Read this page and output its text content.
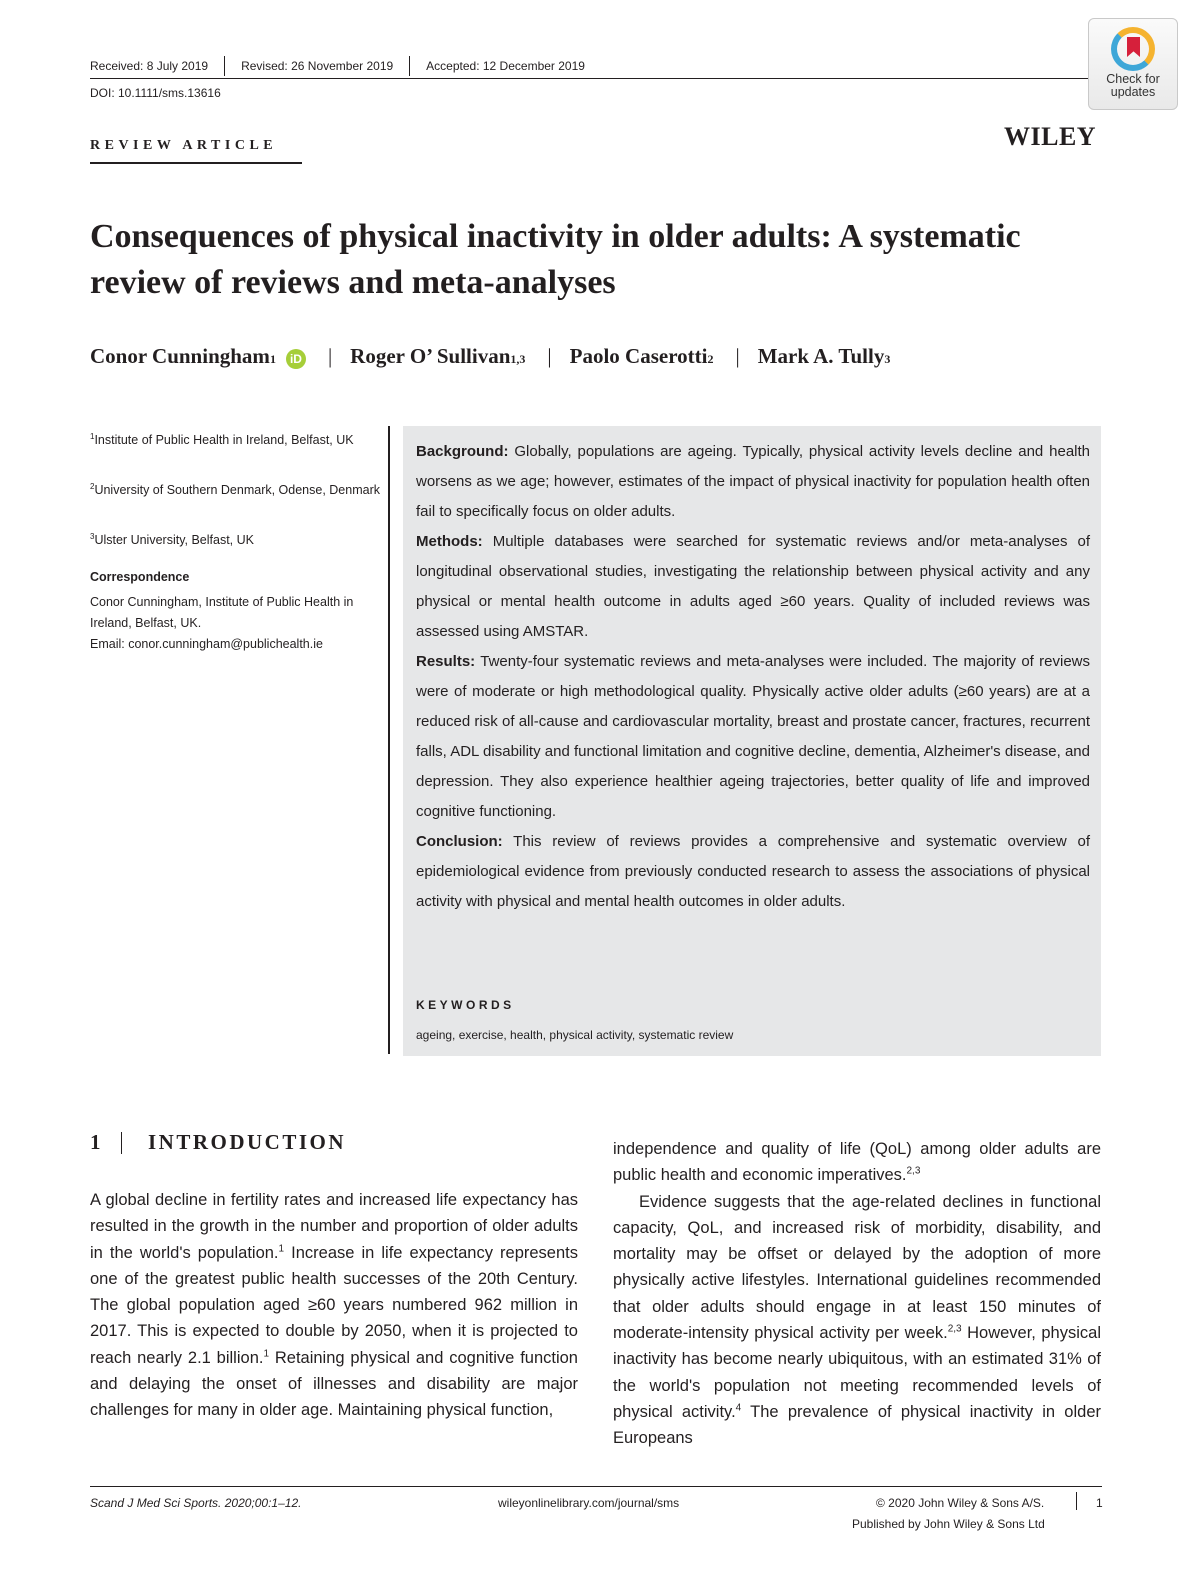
Received: 8 July 2019	Revised: 26 November 2019	Accepted: 12 December 2019
DOI: 10.1111/sms.13616
Check for
updates
REVIEW ARTICLE	WILEY
Consequences of physical inactivity in older adults: A systematic review of reviews and meta-analyses
Conor Cunningham 1	iD | Roger O’ Sullivan 1,3 | Paolo Caserotti 2 | Mark A. Tully 3
$^1$Institute of Public Health in Ireland, Belfast, UK
$^2$University of Southern Denmark, Odense, Denmark
$^3$Ulster University, Belfast, UK
Correspondence
Conor Cunningham, Institute of Public Health in Ireland, Belfast, UK.
Email: conor.cunningham@publichealth.ie

Background: Globally, populations are ageing. Typically, physical activity levels decline and health worsens as we age; however, estimates of the impact of physical inactivity for population health often fail to specifically focus on older adults.

Methods: Multiple databases were searched for systematic reviews and/or meta-analyses of longitudinal observational studies, investigating the relationship between physical activity and any physical or mental health outcome in adults aged ≥60 years. Quality of included reviews was assessed using AMSTAR.

Results: Twenty-four systematic reviews and meta-analyses were included. The majority of reviews were of moderate or high methodological quality. Physically active older adults (≥60 years) are at a reduced risk of all-cause and cardiovascular mortality, breast and prostate cancer, fractures, recurrent falls, ADL disability and functional limitation and cognitive decline, dementia, Alzheimer's disease, and depression. They also experience healthier ageing trajectories, better quality of life and improved cognitive functioning.

Conclusion: This review of reviews provides a comprehensive and systematic overview of epidemiological evidence from previously conducted research to assess the associations of physical activity with physical and mental health outcomes in older adults.

KEYWORDS
ageing, exercise, health, physical activity, systematic review
1 INTRODUCTION

A global decline in fertility rates and increased life expectancy has resulted in the growth in the number and proportion of older adults in the world's population.$^1$ Increase in life expectancy represents one of the greatest public health successes of the 20th Century. The global population aged ≥60 years numbered 962 million in 2017. This is expected to double by 2050, when it is projected to reach nearly 2.1 billion.$^1$ Retaining physical and cognitive function and delaying the onset of illnesses and disability are major challenges for many in older age. Maintaining physical function,

independence and quality of life (QoL) among older adults are public health and economic imperatives.$^{2,3}$

Evidence suggests that the age-related declines in functional capacity, QoL, and increased risk of morbidity, disability, and mortality may be offset or delayed by the adoption of more physically active lifestyles. International guidelines recommended that older adults should engage in at least 150 minutes of moderate-intensity physical activity per week.$^{2,3}$ However, physical inactivity has become nearly ubiquitous, with an estimated 31% of the world's population not meeting recommended levels of physical activity.$^4$ The prevalence of physical inactivity in older Europeans

Scand J Med Sci Sports. 2020;00:1–12.	wileyonlinelibrary.com/journal/sms	© 2020 John Wiley & Sons A/S.	1
Published by John Wiley & Sons Ltd
